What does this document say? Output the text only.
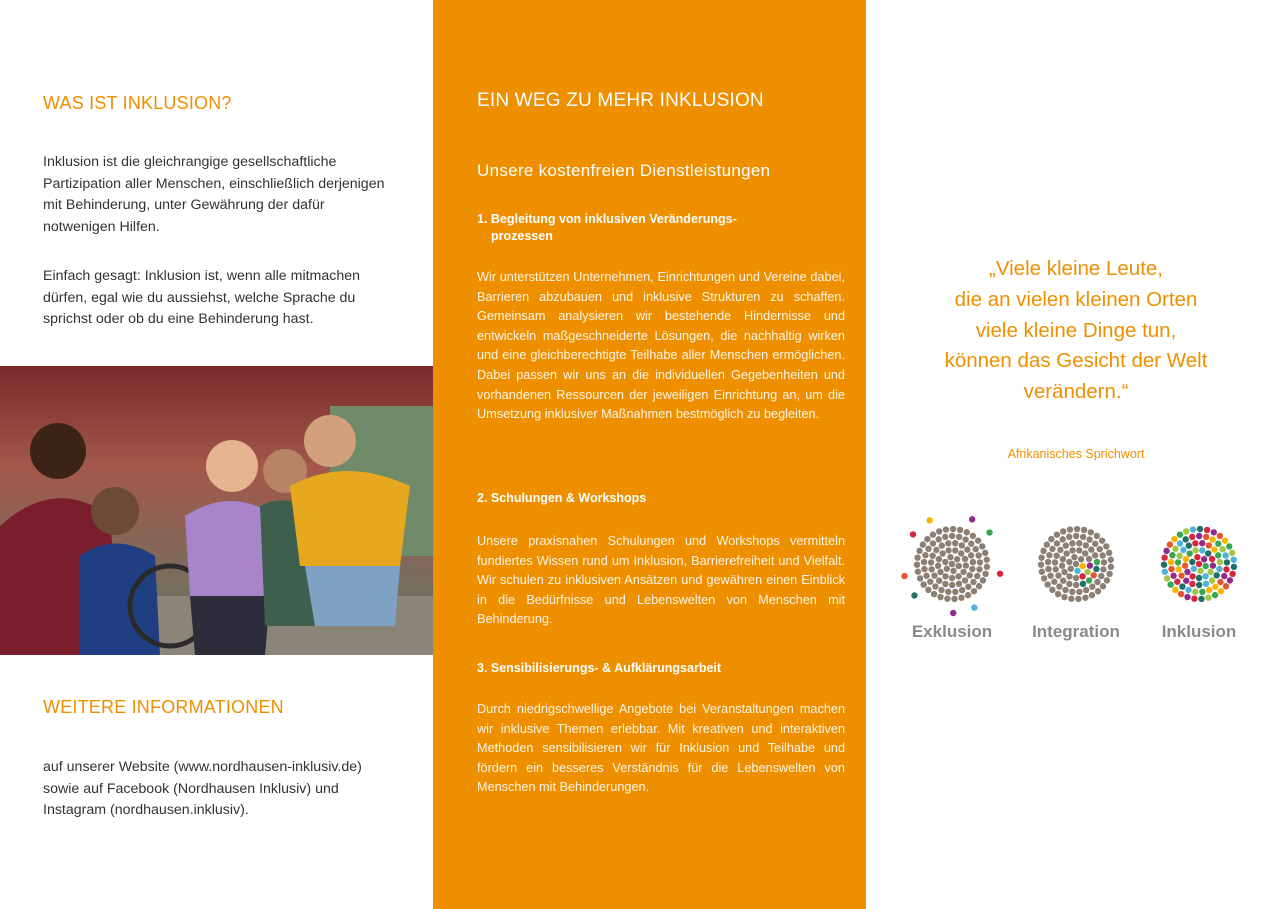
WAS IST INKLUSION?

Inklusion ist die gleichrangige gesellschaftliche Partizipation aller Menschen, einschließlich derjenigen mit Behinderung, unter Gewährung der dafür notwenigen Hilfen.

Einfach gesagt: Inklusion ist, wenn alle mitmachen dürfen, egal wie du aussiehst, welche Sprache du sprichst oder ob du eine Behinderung hast.

WEITERE INFORMATIONEN

auf unserer Website (www.nordhausen-inklusiv.de) sowie auf Facebook (Nordhausen Inklusiv) und Instagram (nordhausen.inklusiv).

EIN WEG ZU MEHR INKLUSION
Unsere kostenfreien Dienstleistungen
1. Begleitung von inklusiven Veränderungs-
prozessen

Wir unterstützen Unternehmen, Einrichtungen und Vereine dabei, Barrieren abzubauen und inklusive Strukturen zu schaffen. Gemeinsam analysieren wir bestehende Hindernisse und entwickeln maßgeschneiderte Lösungen, die nachhaltig wirken und eine gleichberechtigte Teilhabe aller Menschen ermöglichen. Dabei passen wir uns an die individuellen Gegebenheiten und vorhandenen Ressourcen der jeweiligen Einrichtung an, um die Umsetzung inklusiver Maßnahmen bestmöglich zu begleiten.

2. Schulungen & Workshops

Unsere praxisnahen Schulungen und Workshops vermitteln fundiertes Wissen rund um Inklusion, Barrierefreiheit und Vielfalt. Wir schulen zu inklusiven Ansätzen und gewähren einen Einblick in die Bedürfnisse und Lebenswelten von Menschen mit Behinderung.

3. Sensibilisierungs- & Aufklärungsarbeit

Durch niedrigschwellige Angebote bei Veranstaltungen machen wir inklusive Themen erlebbar. Mit kreativen und interaktiven Methoden sensibilisieren wir für Inklusion und Teilhabe und fördern ein besseres Verständnis für die Lebenswelten von Menschen mit Behinderungen.

„Viele kleine Leute,
die an vielen kleinen Orten
viele kleine Dinge tun,
können das Gesicht der Welt
verändern.“
Afrikanisches Sprichwort
Exklusion	Integration	Inklusion
